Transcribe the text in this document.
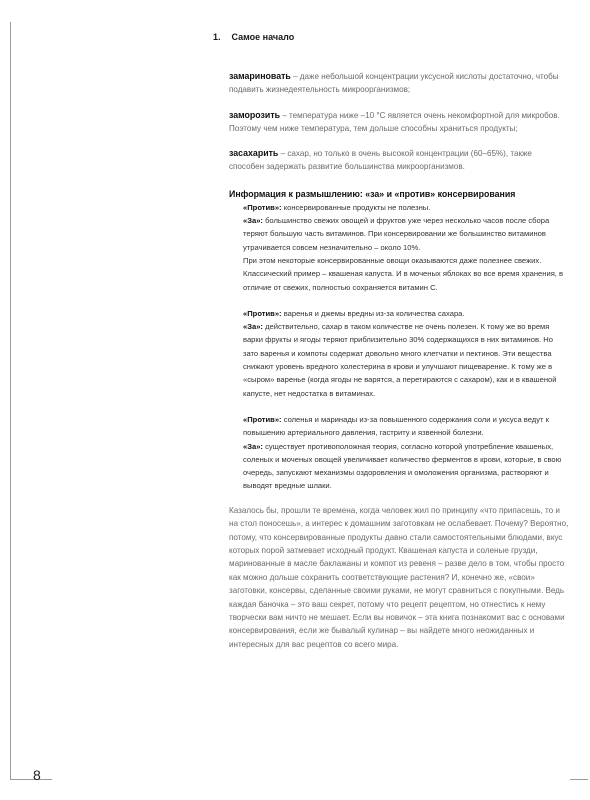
1. Самое начало
замариновать – даже небольшой концентрации уксусной кислоты достаточно, чтобы подавить жизнедеятельность микроорганизмов;
заморозить – температура ниже –10 °С является очень некомфортной для микробов. Поэтому чем ниже температура, тем дольше способны храниться продукты;
засахарить – сахар, но только в очень высокой концентрации (60–65%), также способен задержать развитие большинства микроорганизмов.
Информация к размышлению: «за» и «против» консервирования

«Против»: консервированные продукты не полезны.

«За»: большинство свежих овощей и фруктов уже через несколько часов после сбора теряют большую часть витаминов. При консервировании же большинство витаминов утрачивается совсем незначительно – около 10%.

При этом некоторые консервированные овощи оказываются даже полезнее свежих. Классический пример – квашеная капуста. И в моченых яблоках во все время хранения, в отличие от свежих, полностью сохраняется витамин С.

«Против»: варенья и джемы вредны из-за количества сахара.

«За»: действительно, сахар в таком количестве не очень полезен. К тому же во время варки фрукты и ягоды теряют приблизительно 30% содержащихся в них витаминов. Но зато варенья и компоты содержат довольно много клетчатки и пектинов. Эти вещества снижают уровень вредного холестерина в крови и улучшают пищеварение. К тому же в «сыром» варенье (когда ягоды не варятся, а перетираются с сахаром), как и в квашеной капусте, нет недостатка в витаминах.

«Против»: соленья и маринады из-за повышенного содержания соли и уксуса ведут к повышению артериального давления, гастриту и язвенной болезни.

«За»: существует противоположная теория, согласно которой употребление квашеных, соленых и моченых овощей увеличивает количество ферментов в крови, которые, в свою очередь, запускают механизмы оздоровления и омоложения организма, растворяют и выводят вредные шлаки.

Казалось бы, прошли те времена, когда человек жил по принципу «что припасешь, то и на стол поносешь», а интерес к домашним заготовкам не ослабевает. Почему? Вероятно, потому, что консервированные продукты давно стали самостоятельными блюдами, вкус которых порой затмевает исходный продукт. Квашеная капуста и соленые грузди, маринованные в масле баклажаны и компот из ревеня – разве дело в том, чтобы просто как можно дольше сохранить соответствующие растения? И, конечно же, «свои» заготовки, консервы, сделанные своими руками, не могут сравниться с покупными. Ведь каждая баночка – это ваш секрет, потому что рецепт рецептом, но отнестись к нему творчески вам ничто не мешает. Если вы новичок – эта книга познакомит вас с основами консервирования, если же бывалый кулинар – вы найдете много неожиданных и интересных для вас рецептов со всего мира.
8
